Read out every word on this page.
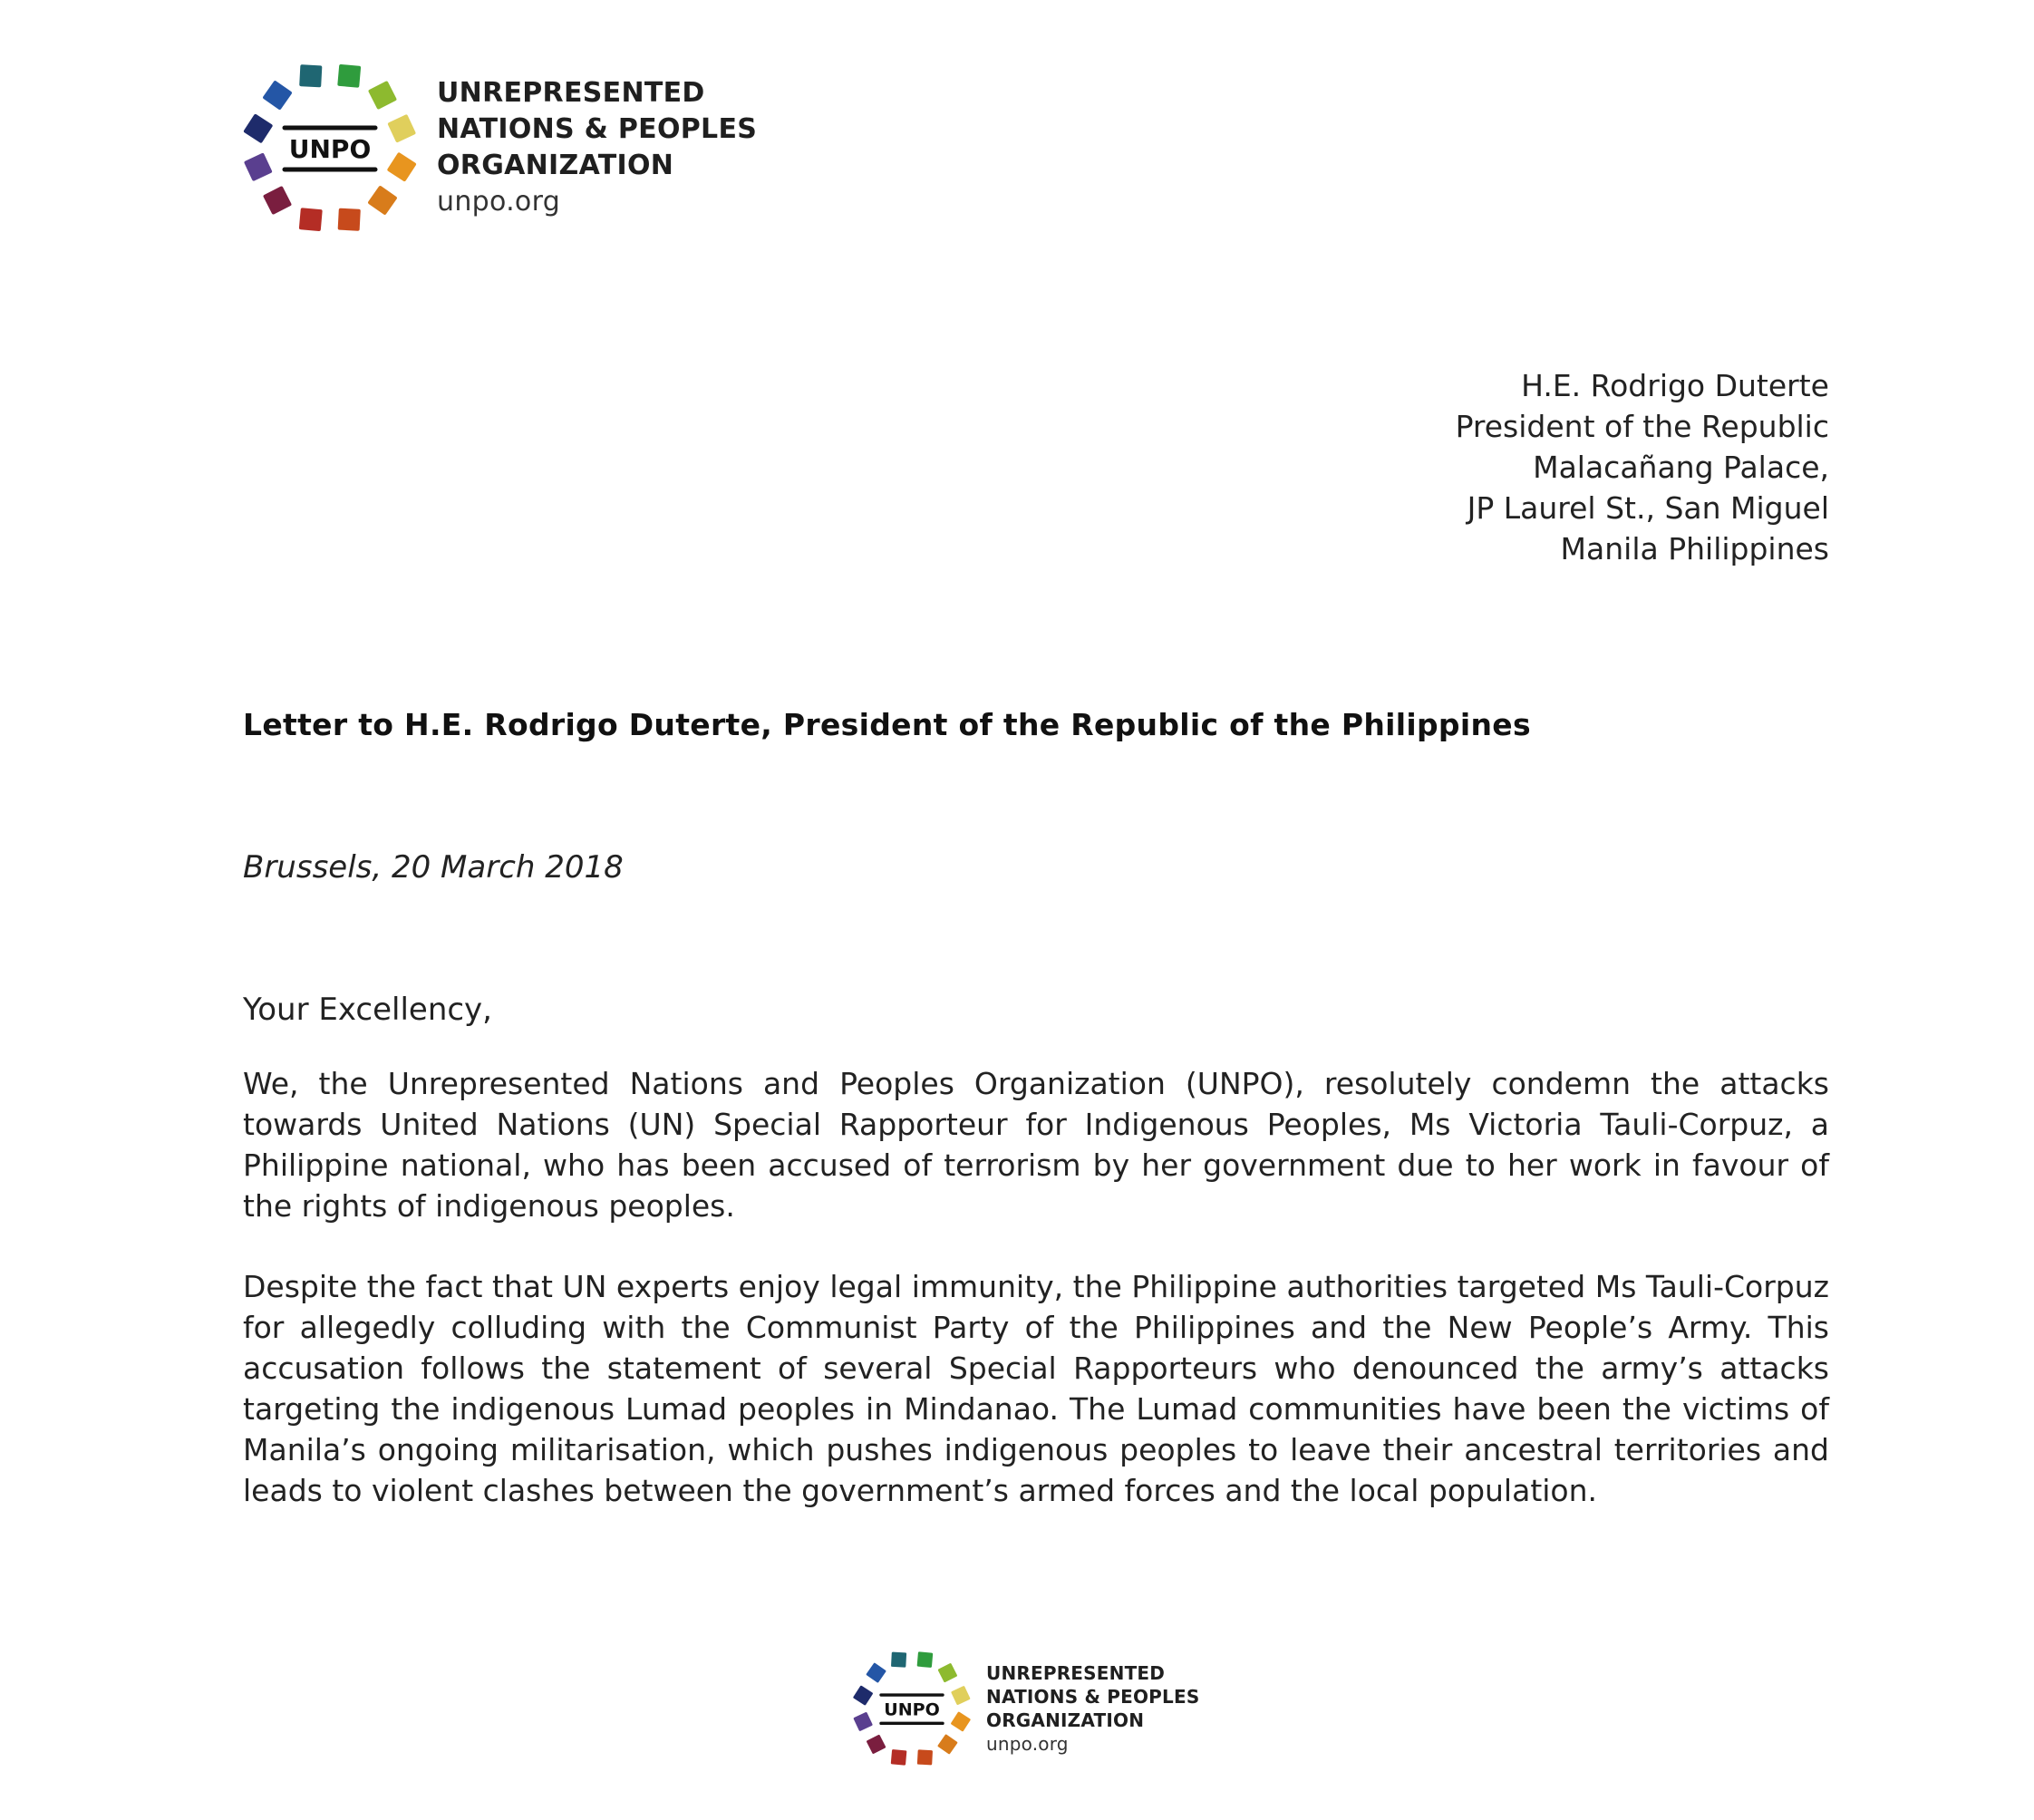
UNPO
UNREPRESENTED
NATIONS & PEOPLES
ORGANIZATION
unpo.org
H.E. Rodrigo Duterte
President of the Republic
Malacañang Palace,
JP Laurel St., San Miguel
Manila Philippines
Letter to H.E. Rodrigo Duterte, President of the Republic of the Philippines
Brussels, 20 March 2018
Your Excellency,

We, the Unrepresented Nations and Peoples Organization (UNPO), resolutely condemn the attacks towards United Nations (UN) Special Rapporteur for Indigenous Peoples, Ms Victoria Tauli-Corpuz, a Philippine national, who has been accused of terrorism by her government due to her work in favour of the rights of indigenous peoples.

Despite the fact that UN experts enjoy legal immunity, the Philippine authorities targeted Ms Tauli-Corpuz for allegedly colluding with the Communist Party of the Philippines and the New People’s Army. This accusation follows the statement of several Special Rapporteurs who denounced the army’s attacks targeting the indigenous Lumad peoples in Mindanao. The Lumad communities have been the victims of Manila’s ongoing militarisation, which pushes indigenous peoples to leave their ancestral territories and leads to violent clashes between the government’s armed forces and the local population.

UNPO
UNREPRESENTED
NATIONS & PEOPLES
ORGANIZATION
unpo.org
